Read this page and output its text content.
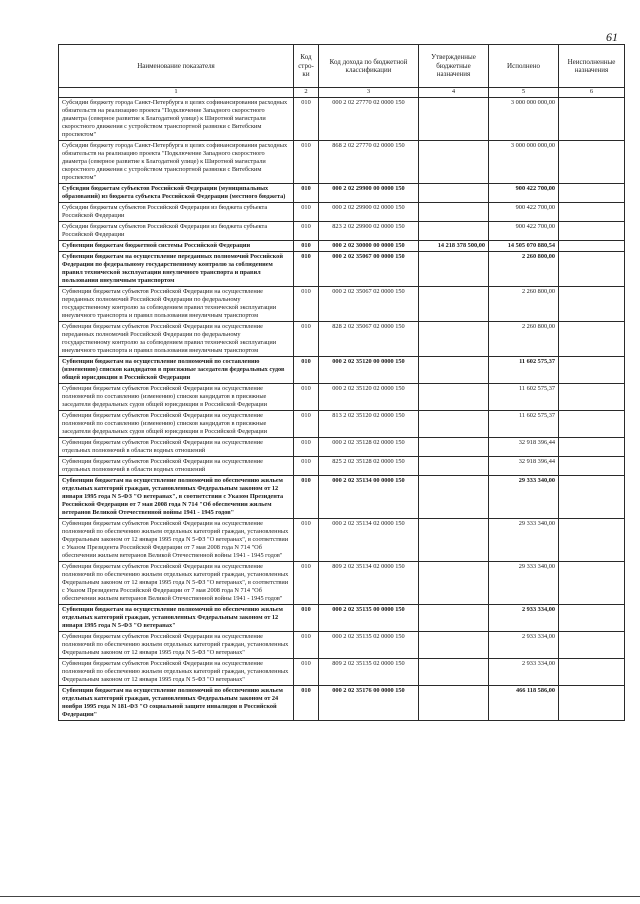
61
Наименование показателя	Код стро-ки	Код дохода по бюджетной классификации	Утвержденные бюджетные назначения	Исполнено	Неисполненные назначения
1	2	3	4	5	6
Субсидии бюджету города Санкт-Петербурга в целях софинансирования расходных обязательств на реализацию проекта "Подключение Западного скоростного диаметра (северное развитие к Благодатной улице) к Широтной магистрали скоростного движения с устройством транспортной развязки с Витебским проспектом"	010	000 2 02 27770 02 0000 150		3 000 000 000,00	
Субсидии бюджету города Санкт-Петербурга в целях софинансирования расходных обязательств на реализацию проекта "Подключение Западного скоростного диаметра (северное развитие к Благодатной улице) к Широтной магистрали скоростного движения с устройством транспортной развязки с Витебским проспектом"	010	868 2 02 27770 02 0000 150		3 000 000 000,00	
Субсидии бюджетам субъектов Российской Федерации (муниципальных образований) из бюджета субъекта Российской Федерации (местного бюджета)	010	000 2 02 29900 00 0000 150		900 422 700,00	
Субсидии бюджетам субъектов Российской Федерации из бюджета субъекта Российской Федерации	010	000 2 02 29900 02 0000 150		900 422 700,00	
Субсидии бюджетам субъектов Российской Федерации из бюджета субъекта Российской Федерации	010	823 2 02 29900 02 0000 150		900 422 700,00	
Субвенции бюджетам бюджетной системы Российской Федерации	010	000 2 02 30000 00 0000 150	14 218 378 500,00	14 505 070 880,54	
Субвенции бюджетам на осуществление переданных полномочий Российской Федерации по федеральному государственному контролю за соблюдением правил технической эксплуатации внеуличного транспорта и правил пользования внеуличным транспортом	010	000 2 02 35067 00 0000 150		2 260 800,00	
Субвенции бюджетам субъектов Российской Федерации на осуществление переданных полномочий Российской Федерации по федеральному государственному контролю за соблюдением правил технической эксплуатации внеуличного транспорта и правил пользования внеуличным транспортом	010	000 2 02 35067 02 0000 150		2 260 800,00	
Субвенции бюджетам субъектов Российской Федерации на осуществление переданных полномочий Российской Федерации по федеральному государственному контролю за соблюдением правил технической эксплуатации внеуличного транспорта и правил пользования внеуличным транспортом	010	828 2 02 35067 02 0000 150		2 260 800,00	
Субвенции бюджетам на осуществление полномочий по составлению (изменению) списков кандидатов в присяжные заседатели федеральных судов общей юрисдикции в Российской Федерации	010	000 2 02 35120 00 0000 150		11 602 575,37	
Субвенции бюджетам субъектов Российской Федерации на осуществление полномочий по составлению (изменению) списков кандидатов в присяжные заседатели федеральных судов общей юрисдикции в Российской Федерации	010	000 2 02 35120 02 0000 150		11 602 575,37	
Субвенции бюджетам субъектов Российской Федерации на осуществление полномочий по составлению (изменению) списков кандидатов в присяжные заседатели федеральных судов общей юрисдикции в Российской Федерации	010	813 2 02 35120 02 0000 150		11 602 575,37	
Субвенции бюджетам субъектов Российской Федерации на осуществление отдельных полномочий в области водных отношений	010	000 2 02 35128 02 0000 150		32 918 396,44	
Субвенции бюджетам субъектов Российской Федерации на осуществление отдельных полномочий в области водных отношений	010	825 2 02 35128 02 0000 150		32 918 396,44	
Субвенции бюджетам на осуществление полномочий по обеспечению жильем отдельных категорий граждан, установленных Федеральным законом от 12 января 1995 года N 5-ФЗ "О ветеранах", в соответствии с Указом Президента Российской Федерации от 7 мая 2008 года N 714 "Об обеспечении жильем ветеранов Великой Отечественной войны 1941 - 1945 годов"	010	000 2 02 35134 00 0000 150		29 333 340,00	
Субвенции бюджетам субъектов Российской Федерации на осуществление полномочий по обеспечению жильем отдельных категорий граждан, установленных Федеральным законом от 12 января 1995 года N 5-ФЗ "О ветеранах", в соответствии с Указом Президента Российской Федерации от 7 мая 2008 года N 714 "Об обеспечении жильем ветеранов Великой Отечественной войны 1941 - 1945 годов"	010	000 2 02 35134 02 0000 150		29 333 340,00	
Субвенции бюджетам субъектов Российской Федерации на осуществление полномочий по обеспечению жильем отдельных категорий граждан, установленных Федеральным законом от 12 января 1995 года N 5-ФЗ "О ветеранах", в соответствии с Указом Президента Российской Федерации от 7 мая 2008 года N 714 "Об обеспечении жильем ветеранов Великой Отечественной войны 1941 - 1945 годов"	010	809 2 02 35134 02 0000 150		29 333 340,00	
Субвенции бюджетам на осуществление полномочий по обеспечению жильем отдельных категорий граждан, установленных Федеральным законом от 12 января 1995 года N 5-ФЗ "О ветеранах"	010	000 2 02 35135 00 0000 150		2 933 334,00	
Субвенции бюджетам субъектов Российской Федерации на осуществление полномочий по обеспечению жильем отдельных категорий граждан, установленных Федеральным законом от 12 января 1995 года N 5-ФЗ "О ветеранах"	010	000 2 02 35135 02 0000 150		2 933 334,00	
Субвенции бюджетам субъектов Российской Федерации на осуществление полномочий по обеспечению жильем отдельных категорий граждан, установленных Федеральным законом от 12 января 1995 года N 5-ФЗ "О ветеранах"	010	809 2 02 35135 02 0000 150		2 933 334,00	
Субвенции бюджетам на осуществление полномочий по обеспечению жильем отдельных категорий граждан, установленных Федеральным законом от 24 ноября 1995 года N 181-ФЗ "О социальной защите инвалидов в Российской Федерации"	010	000 2 02 35176 00 0000 150		466 118 586,00	
